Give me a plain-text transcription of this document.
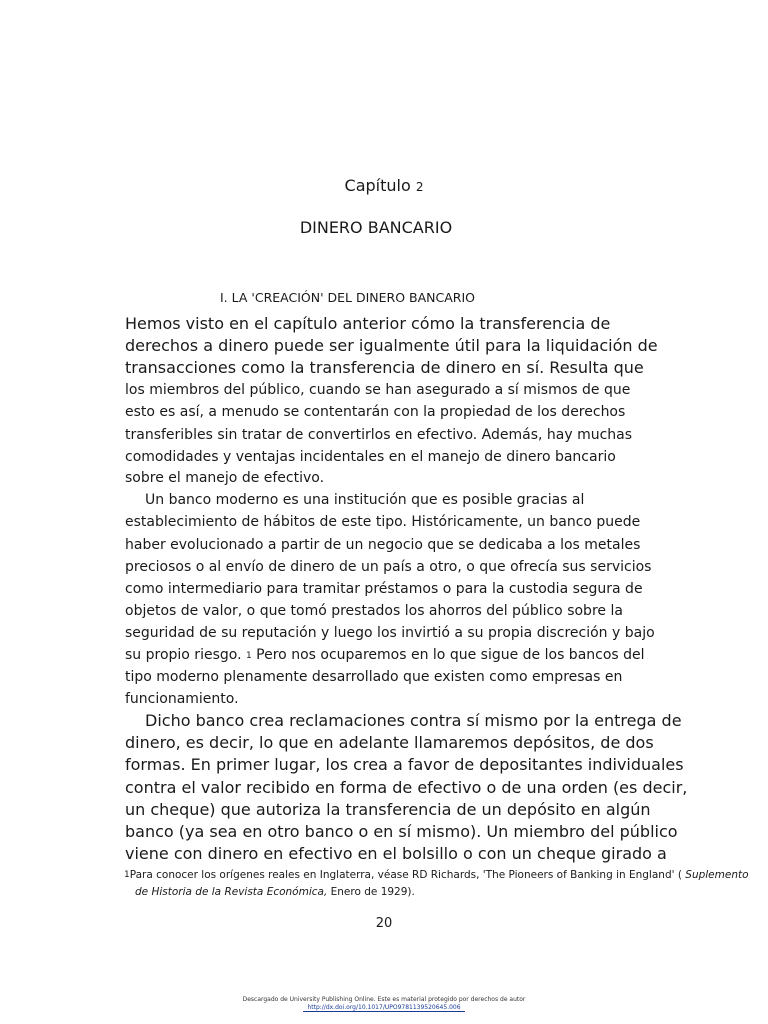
Capítulo 2
DINERO BANCARIO
I. LA 'CREACIÓN' DEL DINERO BANCARIO
Hemos visto en el capítulo anterior cómo la transferencia de
derechos a dinero puede ser igualmente útil para la liquidación de
transacciones como la transferencia de dinero en sí. Resulta que
los miembros del público, cuando se han asegurado a sí mismos de que
esto es así, a menudo se contentarán con la propiedad de los derechos
transferibles sin tratar de convertirlos en efectivo. Además, hay muchas
comodidades y ventajas incidentales en el manejo de dinero bancario
sobre el manejo de efectivo.
Un banco moderno es una institución que es posible gracias al
establecimiento de hábitos de este tipo. Históricamente, un banco puede
haber evolucionado a partir de un negocio que se dedicaba a los metales
preciosos o al envío de dinero de un país a otro, o que ofrecía sus servicios
como intermediario para tramitar préstamos o para la custodia segura de
objetos de valor, o que tomó prestados los ahorros del público sobre la
seguridad de su reputación y luego los invirtió a su propia discreción y bajo
su propio riesgo. 1 Pero nos ocuparemos en lo que sigue de los bancos del
tipo moderno plenamente desarrollado que existen como empresas en
funcionamiento.
Dicho banco crea reclamaciones contra sí mismo por la entrega de
dinero, es decir, lo que en adelante llamaremos depósitos, de dos
formas. En primer lugar, los crea a favor de depositantes individuales
contra el valor recibido en forma de efectivo o de una orden (es decir,
un cheque) que autoriza la transferencia de un depósito en algún
banco (ya sea en otro banco o en sí mismo). Un miembro del público
viene con dinero en efectivo en el bolsillo o con un cheque girado a
1Para conocer los orígenes reales en Inglaterra, véase RD Richards, 'The Pioneers of Banking in England' ( Suplemento
de Historia de la Revista Económica, Enero de 1929).
20
Descargado de University Publishing Online. Este es material protegido por derechos de autor
http://dx.doi.org/10.1017/UPO9781139520645.006
